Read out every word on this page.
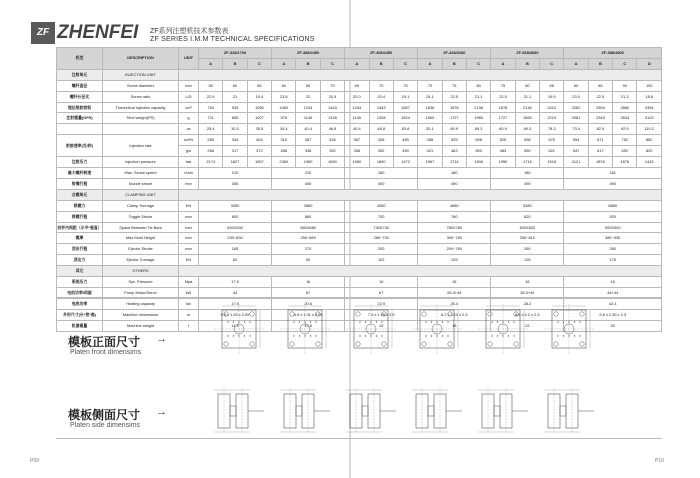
ZF ZHENFEI ZF系列注塑机技术参数表
ZF SERIES I.M.M TECHNICAL SPECIFICATIONS
机型	DESCRIPTION	UNIT	ZF-328/1700			ZF-388/2450			ZF-408/2450			ZF-468/3280			ZF-538/3680			ZF-688/4800			
			A	B	C	A	B	C	A	B	C	A	B	C	A	B	C	A	B	C	D
注射单元	INJECTION UNIT																				
螺杆直径	Screw diameter	mm	55	60	65	60	65	70	65	70	75	70	75	80	75	80	85	60	85	90	100
螺杆长径比	Screw ratio	L/D	22.9	21	19.4	23.8	22	20.4	22.0	20.4	19.1	24.1	22.5	21.1	22.5	21.1	19.9	23.0	22.5	21.3	18.8
理论射胶容积	Theoretical injection capacity	cm³	754	933	1095	1060	1244	1443	1244	1443	1657	1636	1878	2136	1878	2136	2412	2262	2554	2860	3394
注射重量(GPS)	Shot weight(PS)	g	721	855	1007	975	1145	1328	1145	1328	1524	1505	1727	1965	1727	1965	2219	2081	2349	2634	3123
		oz	25.4	30.3	35.5	34.4	40.4	46.8	40.4	46.8	53.8	53.1	60.9	69.3	60.9	69.3	78.3	73.4	82.9	92.9	110.2
射胶速率(克/秒)	Injection rate	cm³/s	289	344	404	310	367	426	367	426	489	458	525	598	525	596	675	594	671	752	882
		g/s	266	317	372	286	338	392	338	392	450	421	483	550	483	550	621	547	617	692	820
注射压力	Injection pressure	bar	2174	1827	1557	2360	1960	1690	1960	1690	1472	1967	1714	1506	1950	1714	1518	2121	1876	1676	1415
最大螺杆转速	Max. Screw speed	r/min	210			210			180			180			180			181			
射嘴行程	Nozzle stroke	mm	355			400			400			490			490			490			
合模单元	CLAMPING UNIT																				
锁模力	Clamp Tonnage	KN	3280			3880			4080			4680			5380			6880			
移模行程	Toggle Stroke	mm	600			660			700			780			820			920			
拉杆内间距（水平*垂直）	Space Between Tie Bars	mm	630X630			680X680			730X730			780X780			820X820			900X900			
模厚	Max.Mold Height	mm	230~630			250~680			280~730			300~780			330~810			380~930			
顶出行程	Ejector Stroke	mm	165			170			200			200~760			260			260			
顶出力	Ejector Tonnage	KN	62			90			102			125			125			175			
其它	OTHERS																				
系统压力	Sys. Pressure	Mpa	17.5			16			16			16			16			16			
电机功率/伺服	Pump Motor/Servo	kW	44			67			67			28.3+44			28.3+44			44+44			
电热功率	Heating capacity	kw	17.9			20.6			22.9			25.4			28.2			42.4			
外形尺寸(长*宽*高)	Machine dimensions	m	6.5 x 1.83 x 2.09			6.9 x 1.91 x 2.08			7.3 x 1.95 x 2.5			8.2 x 2.13 x 2.3			8.6 x 2.2 x 2.3			9.8 x 2.35 x 2.3			
机器重量	Machine weight	t	11.5			13.5			15			19			22			30			
模板正面尺寸 →
Platen front dimensims
模板侧面尺寸 →
Platen side dimensims
P09	P10
